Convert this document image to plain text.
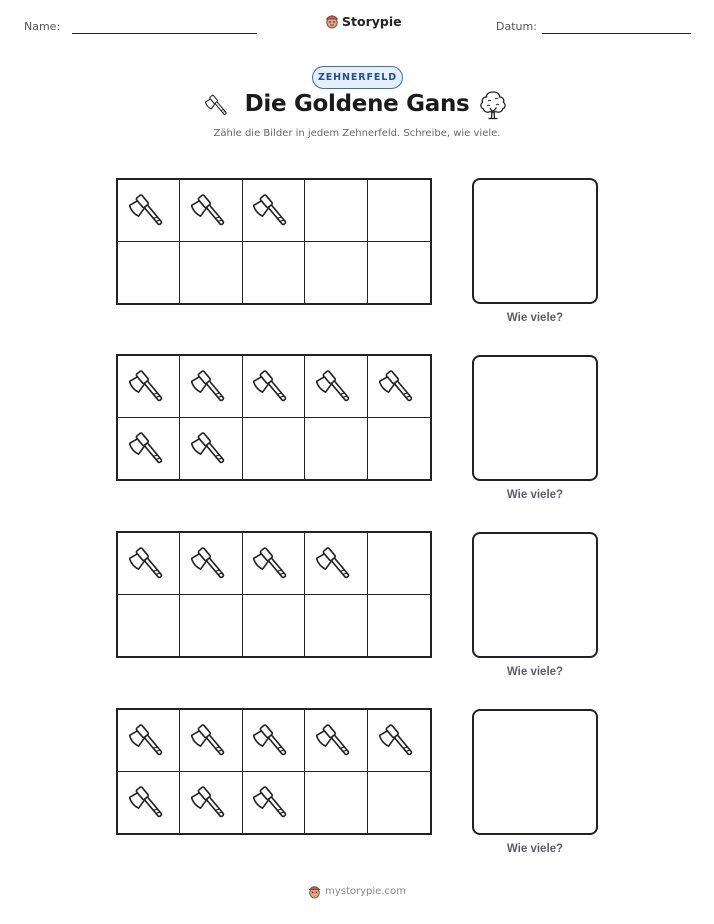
Name:	Storypie	Datum:
ZEHNERFELD
Die Goldene Gans
Zähle die Bilder in jedem Zehnerfeld. Schreibe, wie viele.
Wie viele?
Wie viele?
Wie viele?
Wie viele?
mystorypie.com
